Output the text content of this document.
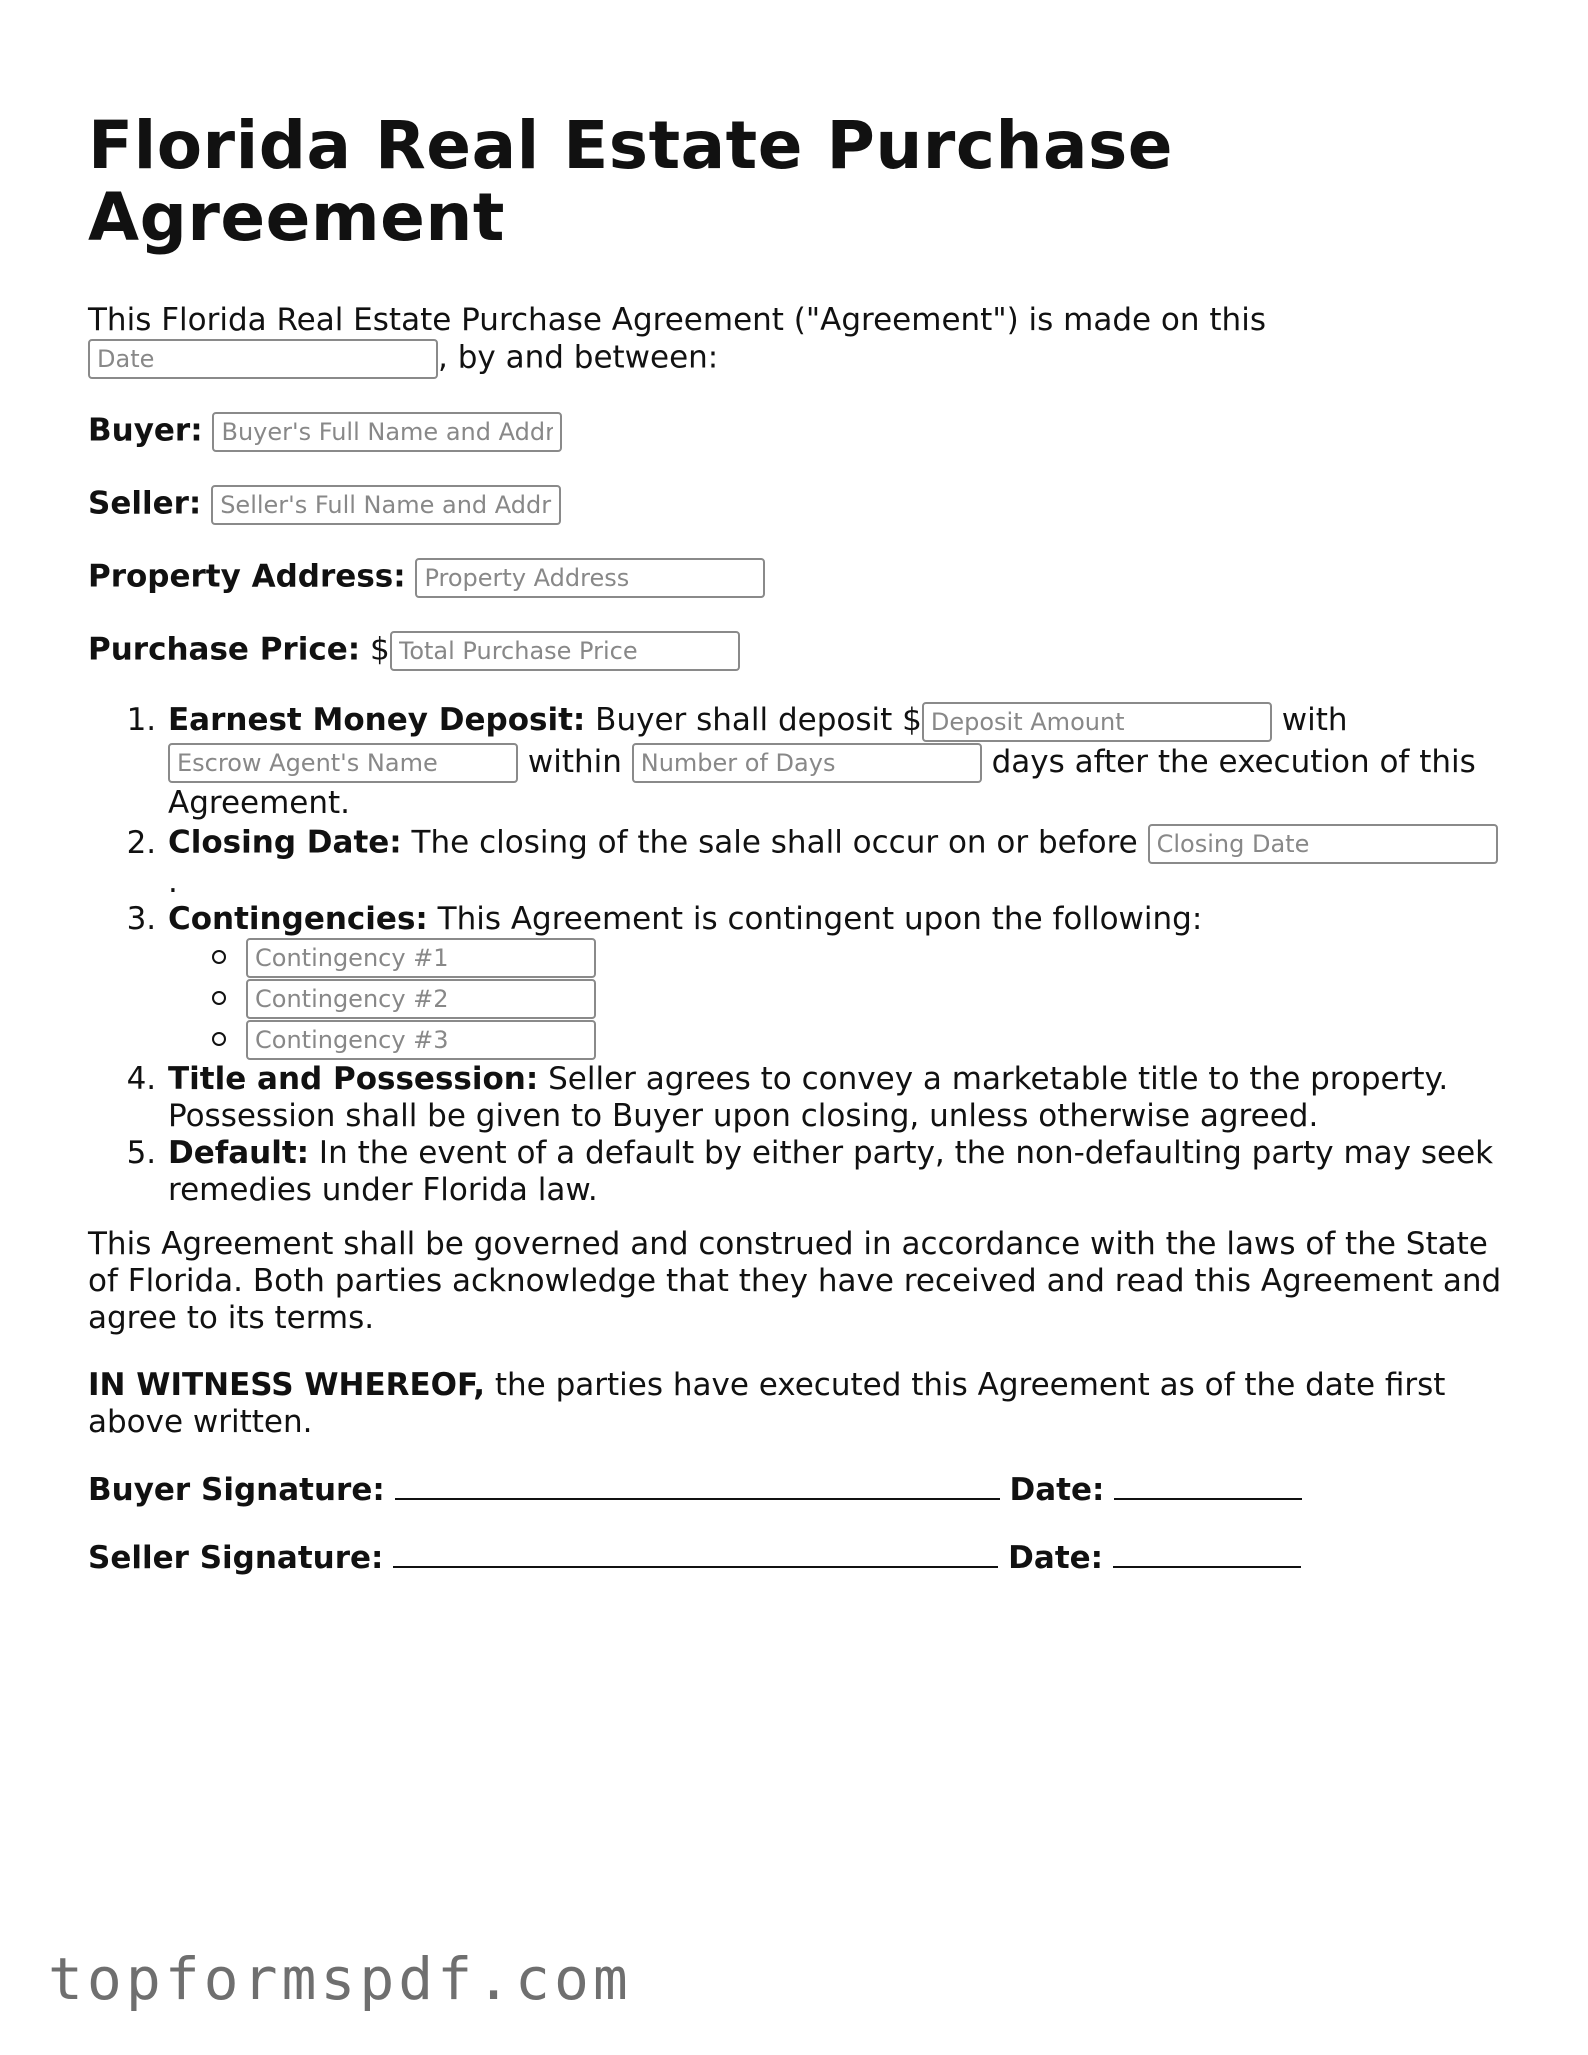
Florida Real Estate Purchase Agreement
This Florida Real Estate Purchase Agreement ("Agreement") is made on this
Date, by and between:
Buyer: Buyer's Full Name and Address
Seller: Seller's Full Name and Address
Property Address: Property Address
Purchase Price: $Total Purchase Price
1. Earnest Money Deposit: Buyer shall deposit $Deposit Amount	with
Escrow Agent's Name within Number of Days	days after the execution of this Agreement.
2. Closing Date: The closing of the sale shall occur on or before Closing Date
.
3. Contingencies: This Agreement is contingent upon the following:
Contingency #1
Contingency #2
Contingency #3
4. Title and Possession: Seller agrees to convey a marketable title to the property. Possession shall be given to Buyer upon closing, unless otherwise agreed.
5. Default: In the event of a default by either party, the non-defaulting party may seek remedies under Florida law.
This Agreement shall be governed and construed in accordance with the laws of the State of Florida. Both parties acknowledge that they have received and read this Agreement and agree to its terms.
IN WITNESS WHEREOF, the parties have executed this Agreement as of the date first above written.
Buyer Signature:	Date:
Seller Signature:	Date:
topformspdf.com
